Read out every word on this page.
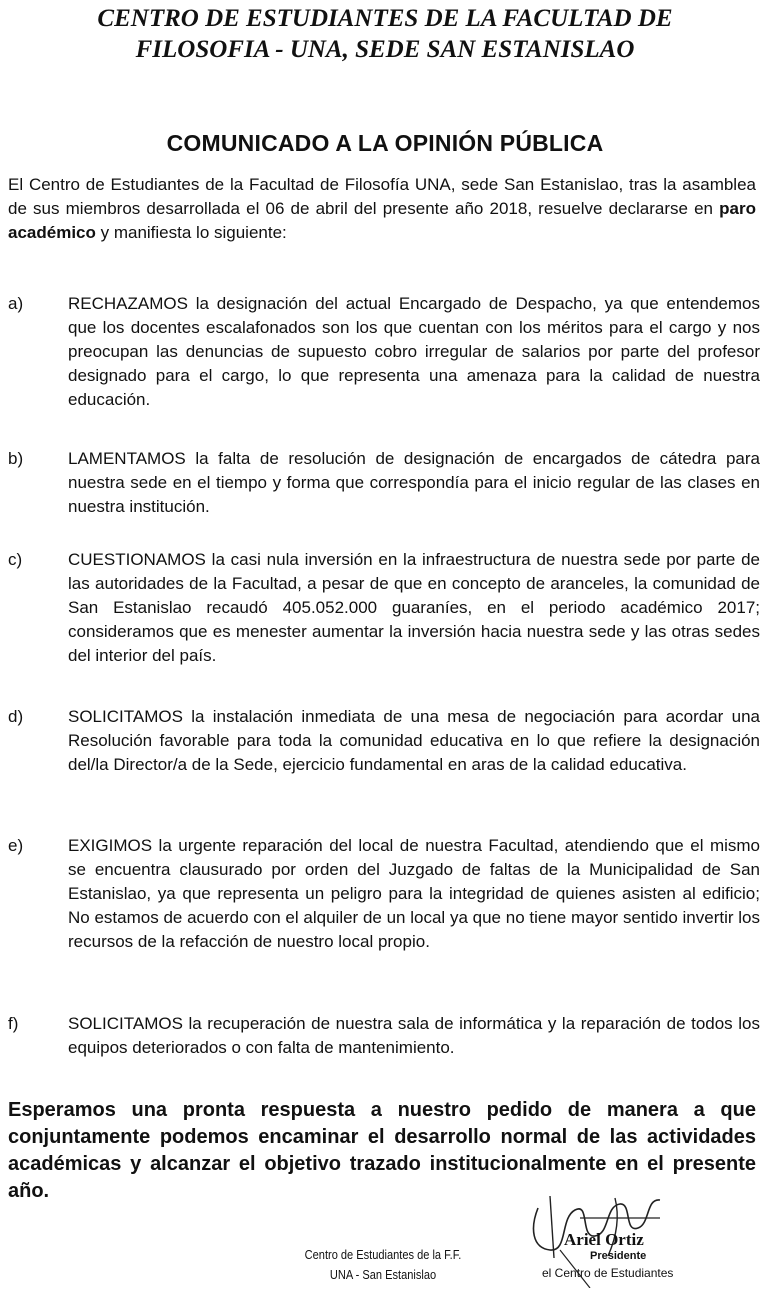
CENTRO DE ESTUDIANTES DE LA FACULTAD DE
FILOSOFIA - UNA, SEDE SAN ESTANISLAO
COMUNICADO A LA OPINIÓN PÚBLICA
El Centro de Estudiantes de la Facultad de Filosofía UNA, sede San Estanislao, tras la asamblea de sus miembros desarrollada el 06 de abril del presente año 2018, resuelve declararse en paro académico y manifiesta lo siguiente:
a)	RECHAZAMOS la designación del actual Encargado de Despacho, ya que entendemos que los docentes escalafonados son los que cuentan con los méritos para el cargo y nos preocupan las denuncias de supuesto cobro irregular de salarios por parte del profesor designado para el cargo, lo que representa una amenaza para la calidad de nuestra educación.
b)	LAMENTAMOS la falta de resolución de designación de encargados de cátedra para nuestra sede en el tiempo y forma que correspondía para el inicio regular de las clases en nuestra institución.
c)	CUESTIONAMOS la casi nula inversión en la infraestructura de nuestra sede por parte de las autoridades de la Facultad, a pesar de que en concepto de aranceles, la comunidad de San Estanislao recaudó 405.052.000 guaraníes, en el periodo académico 2017; consideramos que es menester aumentar la inversión hacia nuestra sede y las otras sedes del interior del país.
d)	SOLICITAMOS la instalación inmediata de una mesa de negociación para acordar una Resolución favorable para toda la comunidad educativa en lo que refiere la designación del/la Director/a de la Sede, ejercicio fundamental en aras de la calidad educativa.
e)	EXIGIMOS la urgente reparación del local de nuestra Facultad, atendiendo que el mismo se encuentra clausurado por orden del Juzgado de faltas de la Municipalidad de San Estanislao, ya que representa un peligro para la integridad de quienes asisten al edificio; No estamos de acuerdo con el alquiler de un local ya que no tiene mayor sentido invertir los recursos de la refacción de nuestro local propio.
f)	SOLICITAMOS la recuperación de nuestra sala de informática y la reparación de todos los equipos deteriorados o con falta de mantenimiento.
Esperamos una pronta respuesta a nuestro pedido de manera a que conjuntamente podemos encaminar el desarrollo normal de las actividades académicas y alcanzar el objetivo trazado institucionalmente en el presente año.
Centro de Estudiantes de la F.F.
UNA - San Estanislao
Ariel Ortiz
Presidente
el Centro de Estudiantes
